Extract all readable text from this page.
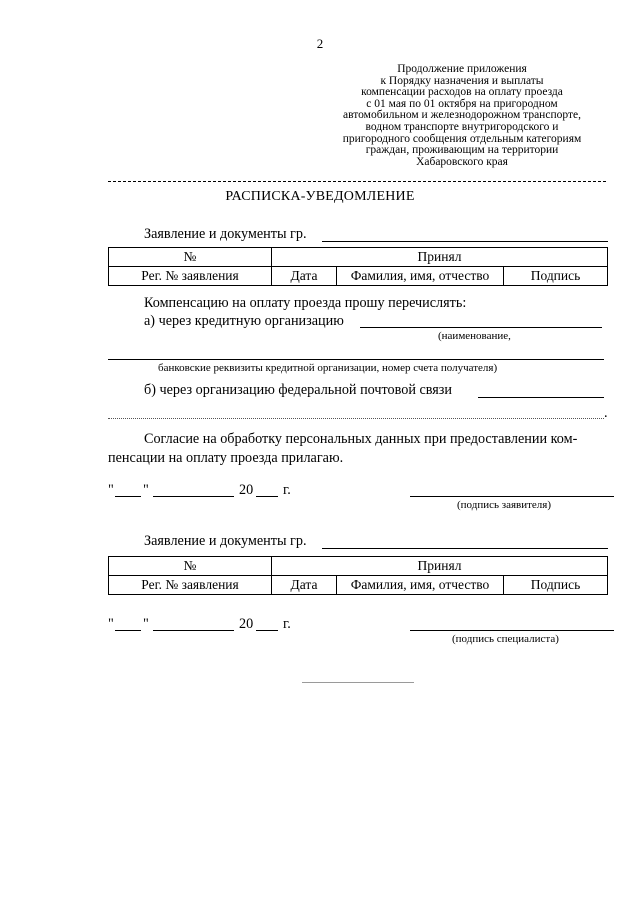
2
Продолжение приложения
к Порядку назначения и выплаты
компенсации расходов на оплату проезда
с 01 мая по 01 октября на пригородном
автомобильном и железнодорожном транспорте,
водном транспорте внутригородского и
пригородного сообщения отдельным категориям
граждан, проживающим на территории
Хабаровского края
РАСПИСКА-УВЕДОМЛЕНИЕ
Заявление и документы гр.
№	Принял		
Рег. № заявления	Дата	Фамилия, имя, отчество	Подпись
Компенсацию на оплату проезда прошу перечислять:
а) через кредитную организацию
(наименование,
банковские реквизиты кредитной организации, номер счета получателя)
б) через организацию федеральной почтовой связи
.
Согласие на обработку персональных данных при предоставлении ком-
пенсации на оплату проезда прилагаю.
" "	20 г.
(подпись заявителя)
Заявление и документы гр.
№	Принял		
Рег. № заявления	Дата	Фамилия, имя, отчество	Подпись
" "	20 г.
(подпись специалиста)
